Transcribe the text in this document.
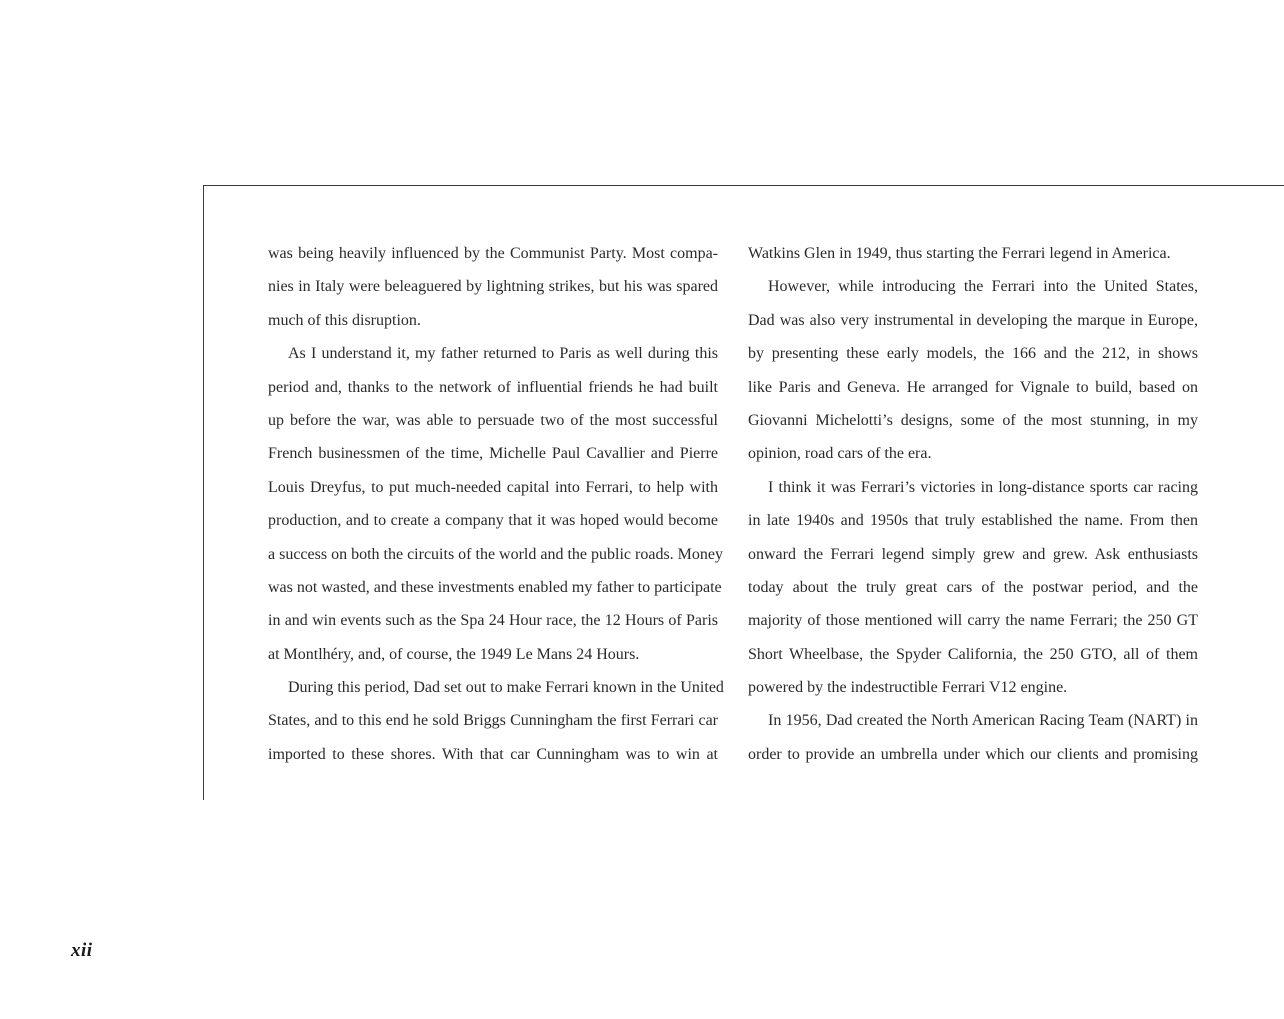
was being heavily influenced by the Communist Party. Most compa-
nies in Italy were beleaguered by lightning strikes, but his was spared
much of this disruption.
As I understand it, my father returned to Paris as well during this
period and, thanks to the network of influential friends he had built
up before the war, was able to persuade two of the most successful
French businessmen of the time, Michelle Paul Cavallier and Pierre
Louis Dreyfus, to put much-needed capital into Ferrari, to help with
production, and to create a company that it was hoped would become
a success on both the circuits of the world and the public roads. Money
was not wasted, and these investments enabled my father to participate
in and win events such as the Spa 24 Hour race, the 12 Hours of Paris
at Montlhéry, and, of course, the 1949 Le Mans 24 Hours.
During this period, Dad set out to make Ferrari known in the United
States, and to this end he sold Briggs Cunningham the first Ferrari car
imported to these shores. With that car Cunningham was to win at
Watkins Glen in 1949, thus starting the Ferrari legend in America.
However, while introducing the Ferrari into the United States,
Dad was also very instrumental in developing the marque in Europe,
by presenting these early models, the 166 and the 212, in shows
like Paris and Geneva. He arranged for Vignale to build, based on
Giovanni Michelotti’s designs, some of the most stunning, in my
opinion, road cars of the era.
I think it was Ferrari’s victories in long-distance sports car racing
in late 1940s and 1950s that truly established the name. From then
onward the Ferrari legend simply grew and grew. Ask enthusiasts
today about the truly great cars of the postwar period, and the
majority of those mentioned will carry the name Ferrari; the 250 GT
Short Wheelbase, the Spyder California, the 250 GTO, all of them
powered by the indestructible Ferrari V12 engine.
In 1956, Dad created the North American Racing Team (NART) in
order to provide an umbrella under which our clients and promising
xii
